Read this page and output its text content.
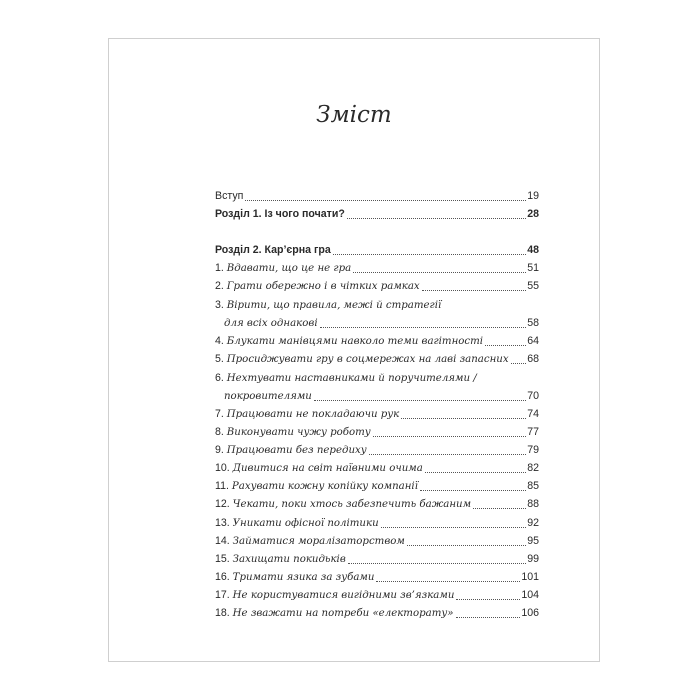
Зміст
Вступ	19
Розділ 1. Із чого почати?	28
Розділ 2. Кар’єрна гра	48
1. Вдавати, що це не гра	51
2. Грати обережно і в чітких рамках	55
3. Вірити, що правила, межі й стратегії
для всіх однакові	58
4. Блукати манівцями навколо теми вагітності	64
5. Просиджувати гру в соцмережах на лаві запасних 68
6. Нехтувати наставниками й поручителями /
покровителями	70
7. Працювати не покладаючи рук	74
8. Виконувати чужу роботу	77
9. Працювати без передиху	79
10. Дивитися на світ наївними очима	82
11. Рахувати кожну копійку компанії	85
12. Чекати, поки хтось забезпечить бажаним	88
13. Уникати офісної політики	92
14. Займатися моралізаторством	95
15. Захищати покидьків	99
16. Тримати язика за зубами	101
17. Не користуватися вигідними зв’язками	104
18. Не зважати на потреби «електорату»	106
